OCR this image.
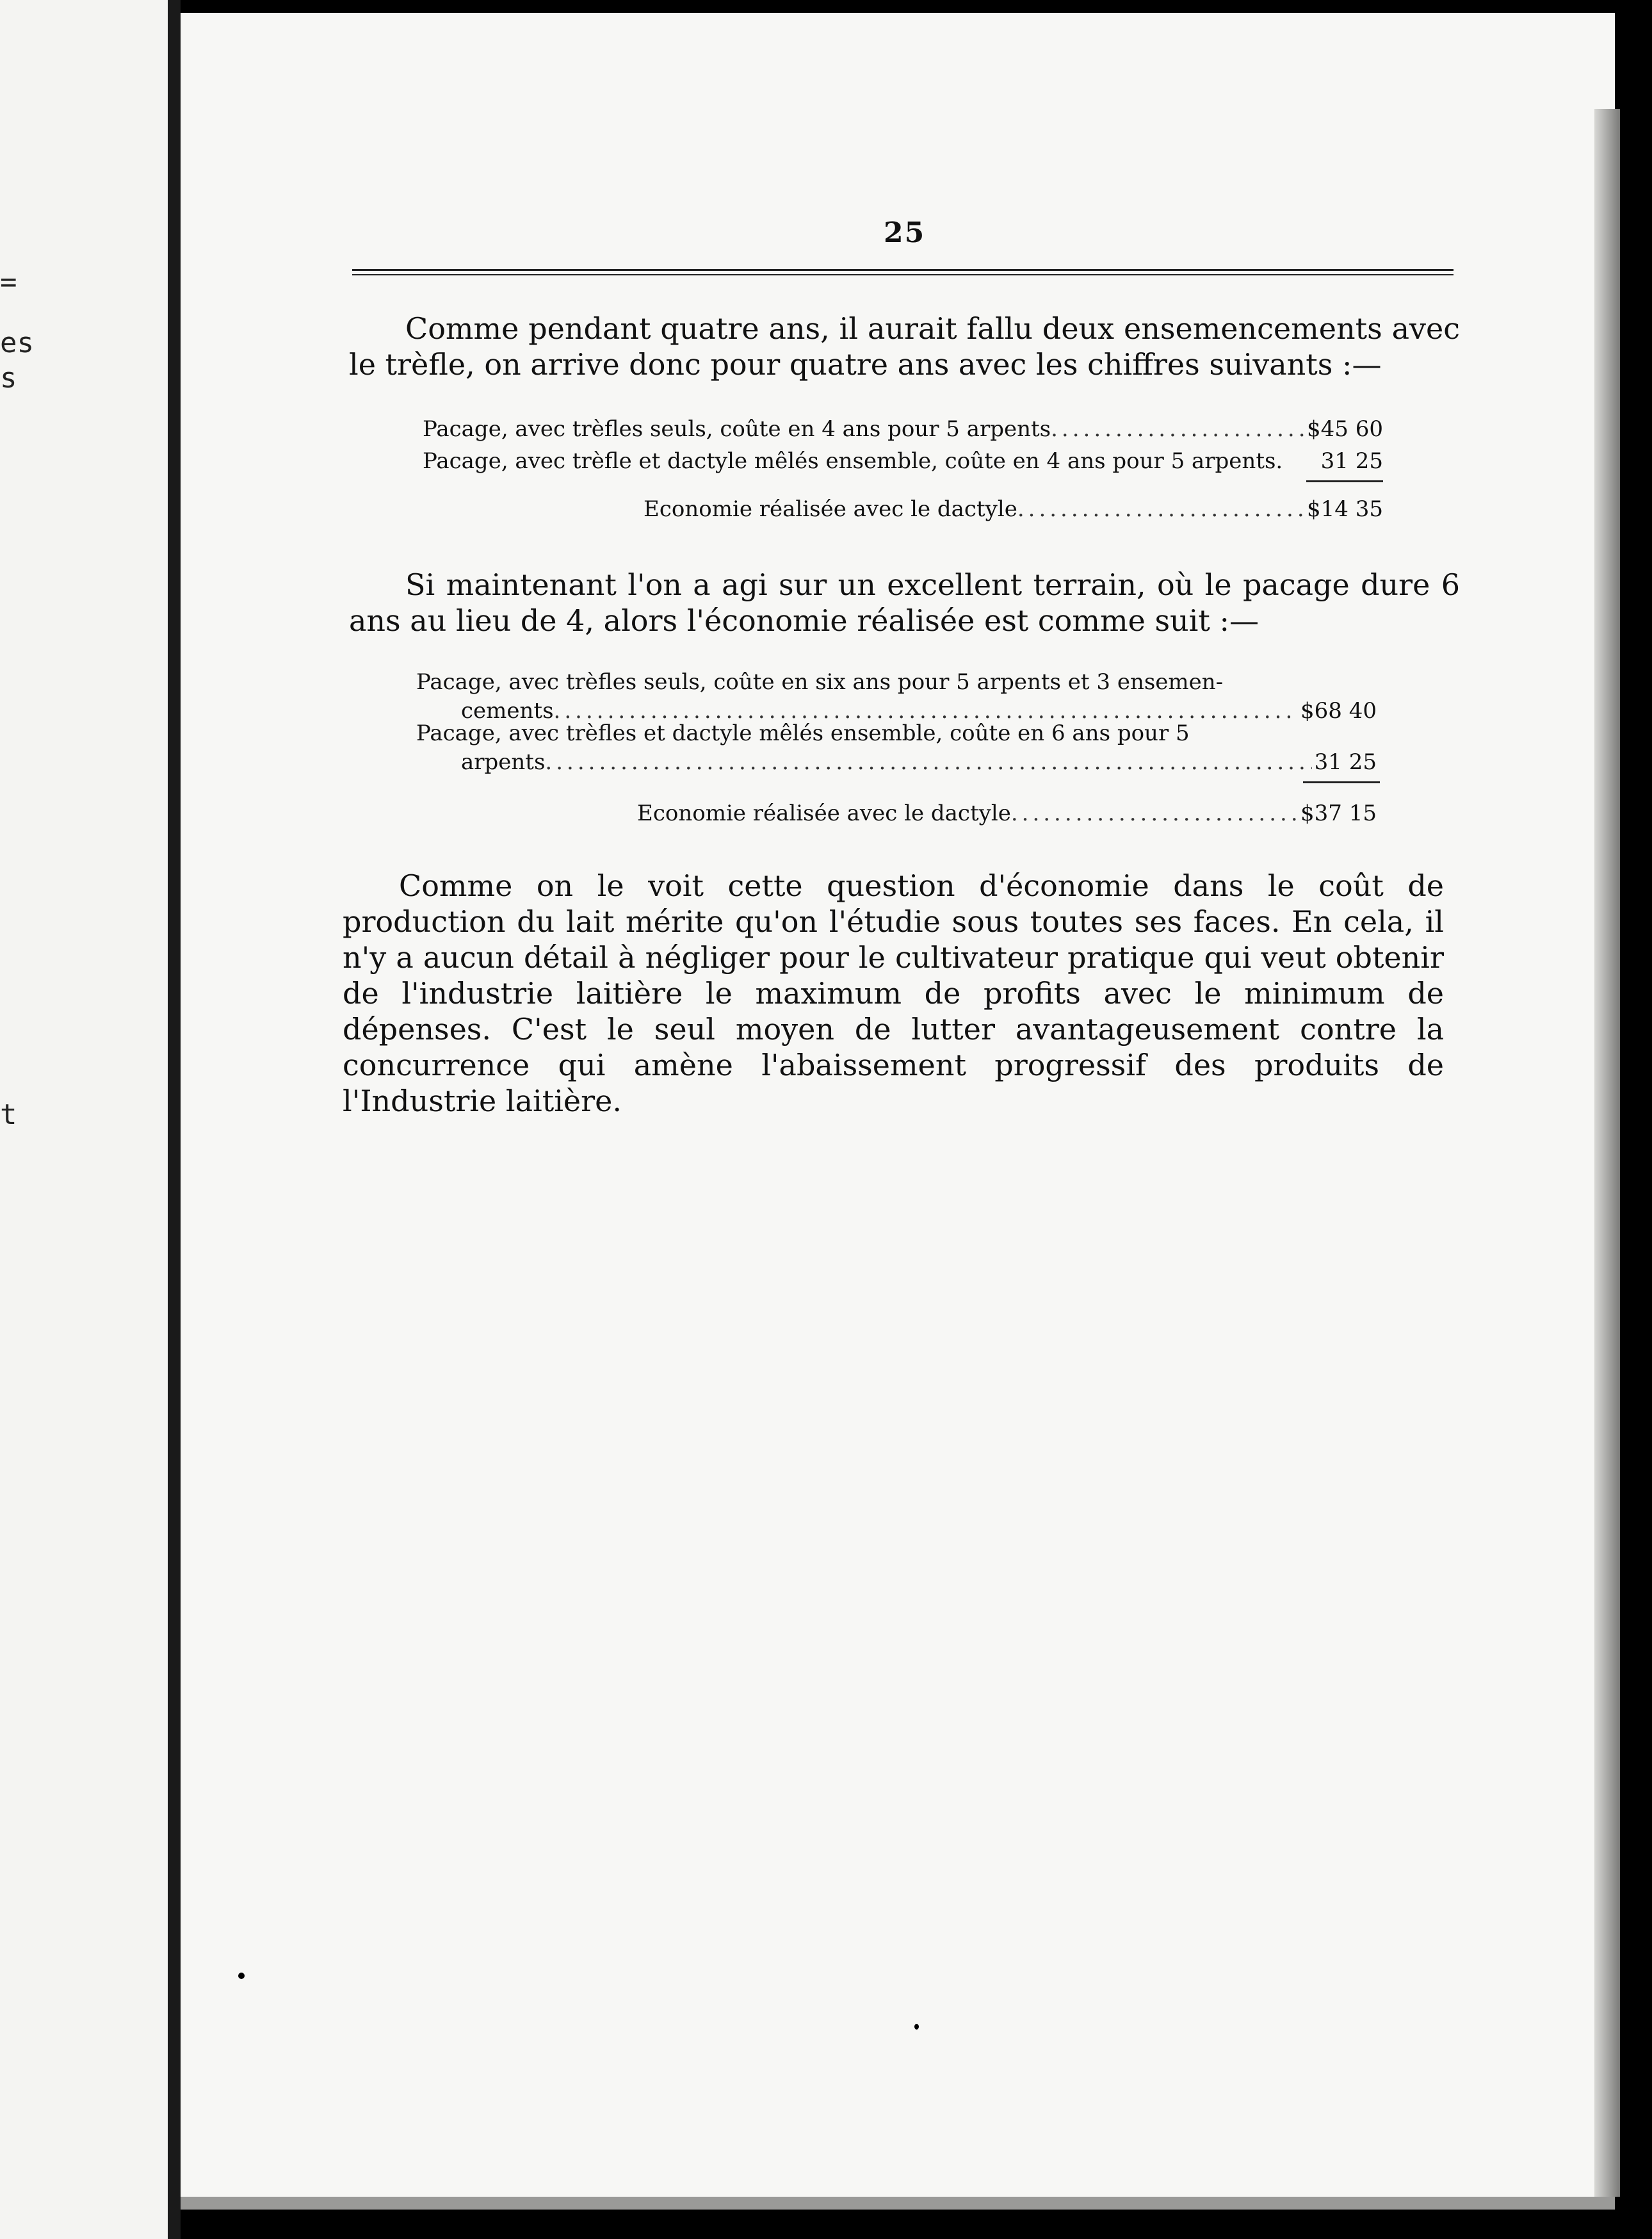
=
es
s
t
25

Comme pendant quatre ans, il aurait fallu deux ensemencements avec le trèfle, on arrive donc pour quatre ans avec les chiffres suivants :—

Pacage, avec trèfles seuls, coûte en 4 ans pour 5 arpents .....	$45 60
Pacage, avec trèfle et dactyle mêlés ensemble, coûte en 4 ans pour 5 arpents. 31 25
Economie réalisée avec le dactyle .....	$14 35

Si maintenant l'on a agi sur un excellent terrain, où le pacage dure 6 ans au lieu de 4, alors l'économie réalisée est comme suit :—

Pacage, avec trèfles seuls, coûte en six ans pour 5 arpents et 3 ensemen-
cements .....	$68 40
Pacage, avec trèfles et dactyle mêlés ensemble, coûte en 6 ans pour 5
arpents .....	31 25
Economie réalisée avec le dactyle .....	$37 15

Comme on le voit cette question d'économie dans le coût de production du lait mérite qu'on l'étudie sous toutes ses faces. En cela, il n'y a aucun détail à négliger pour le cultivateur pratique qui veut obtenir de l'industrie laitière le maximum de profits avec le minimum de dépenses. C'est le seul moyen de lutter avantageusement contre la concurrence qui amène l'abaissement progressif des produits de l'Industrie laitière.
